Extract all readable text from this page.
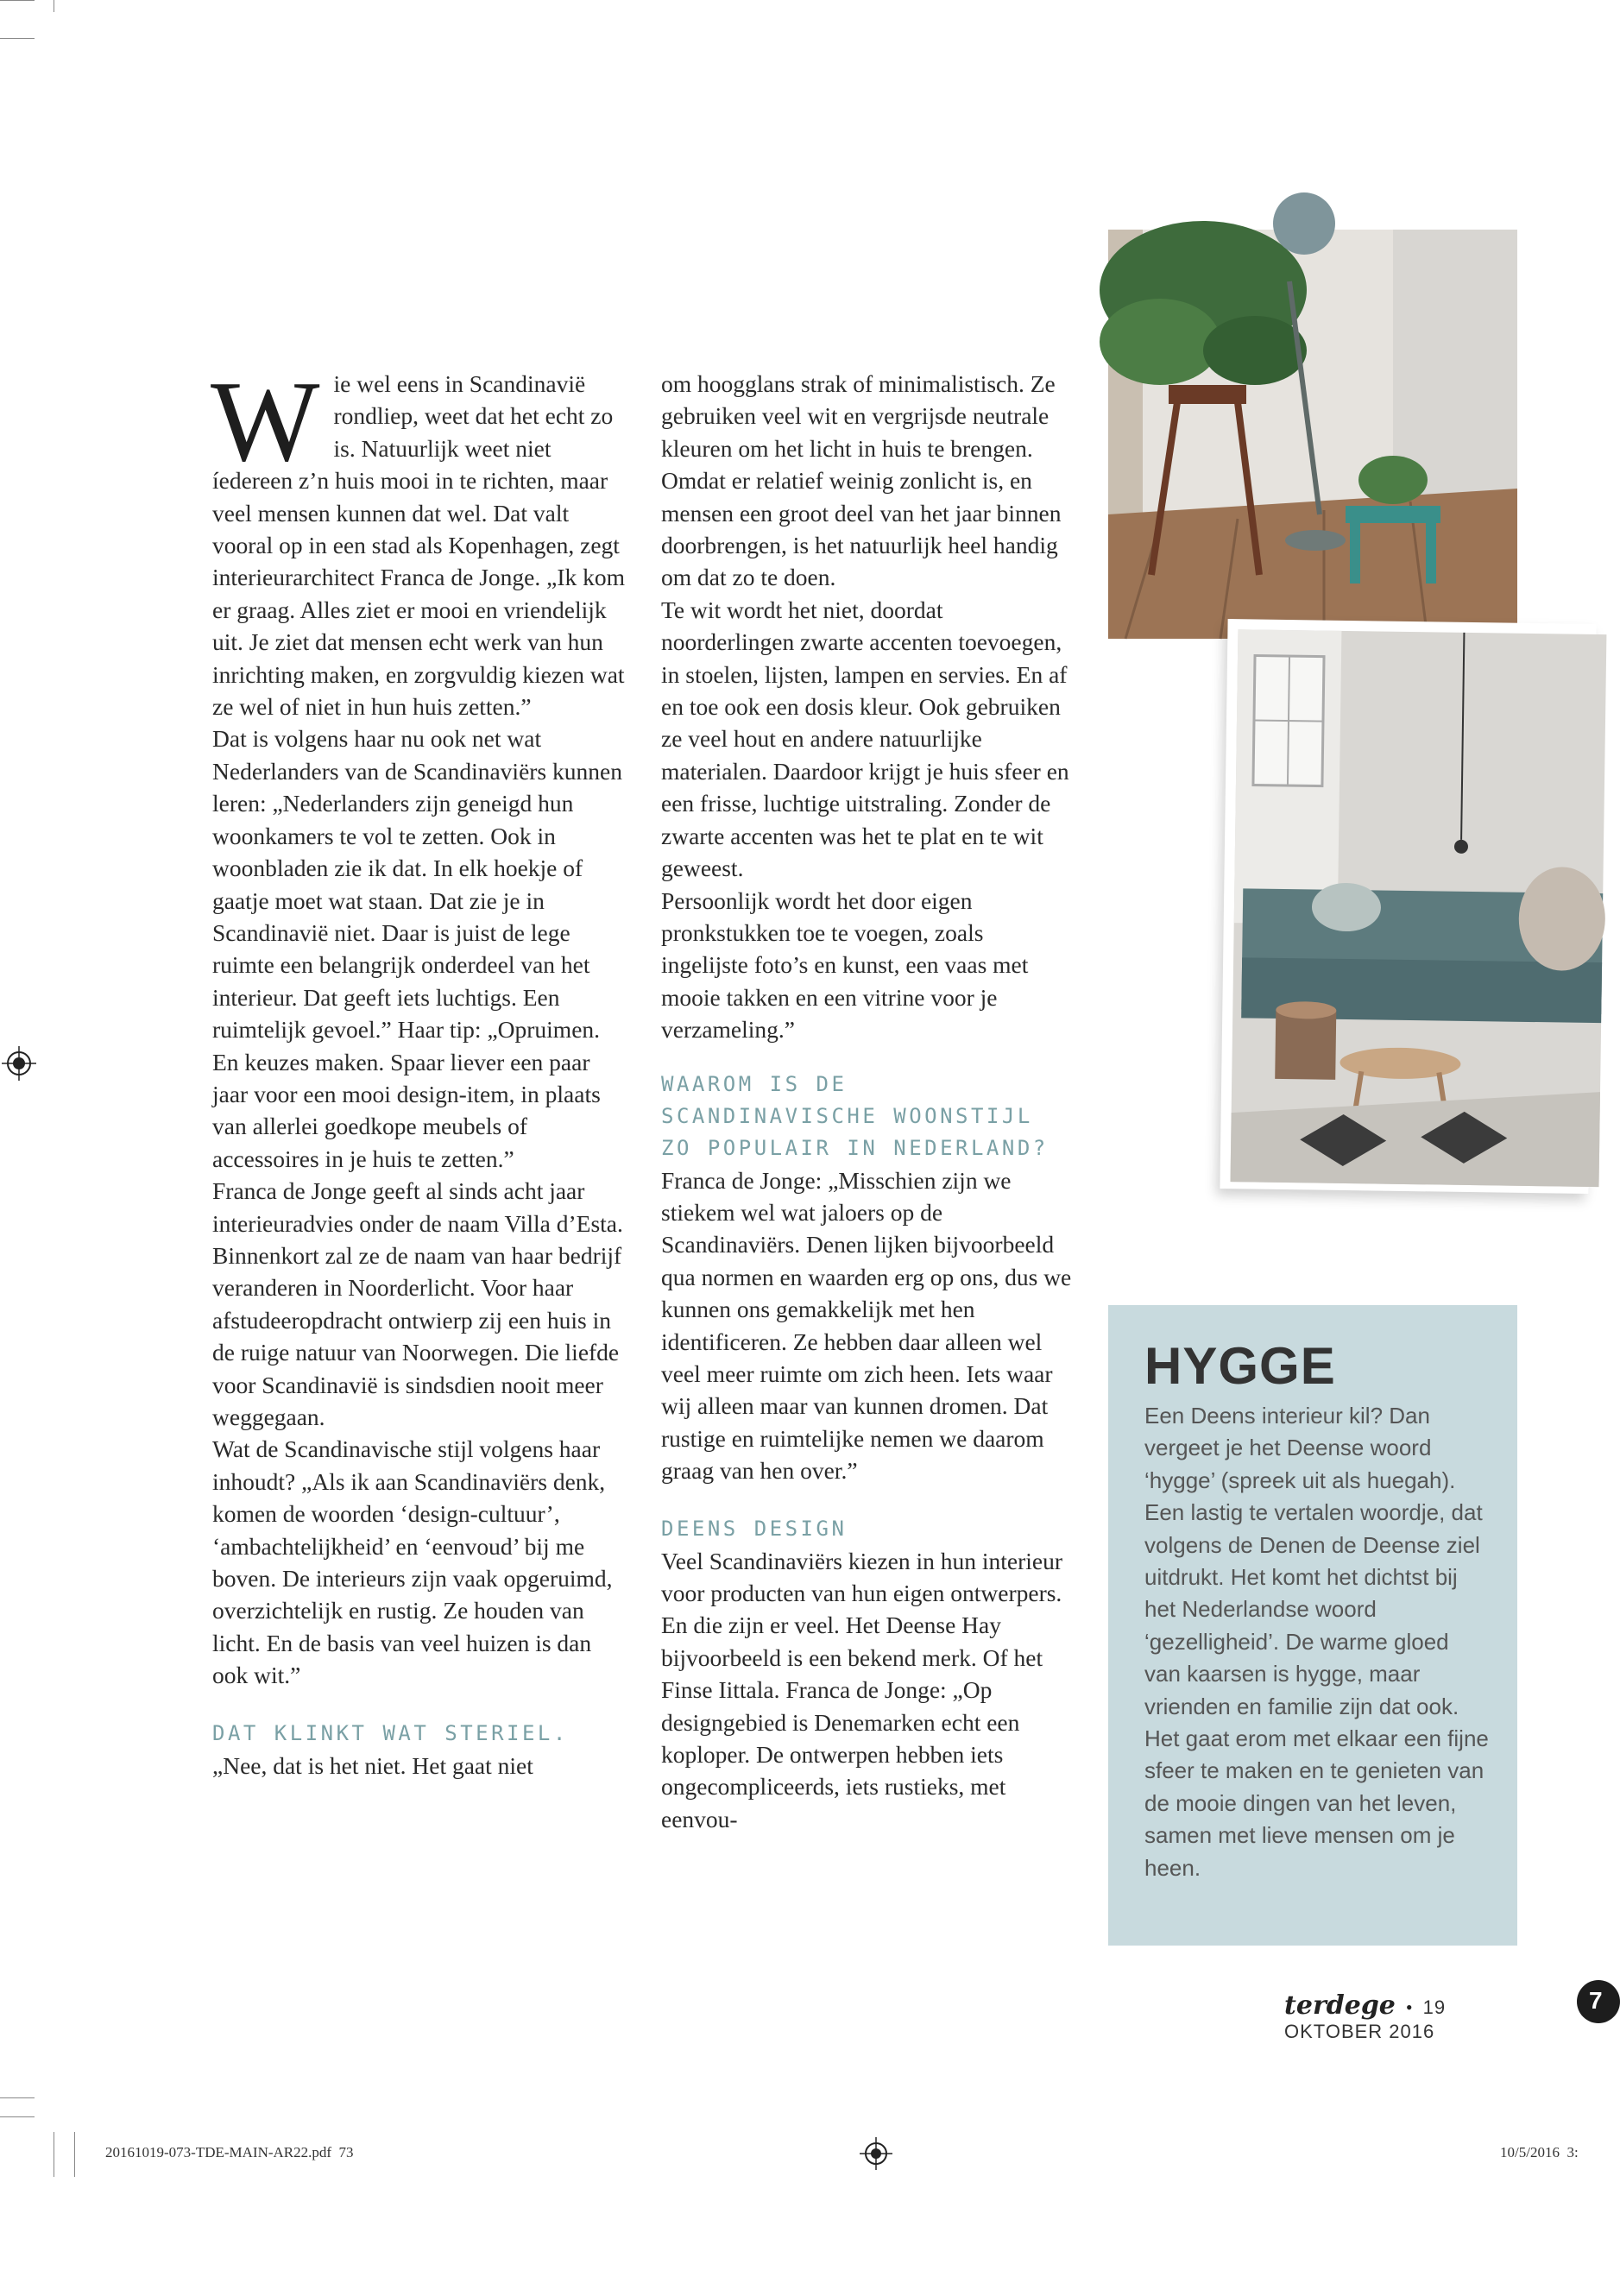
Wie wel eens in Scandinavië rondliep, weet dat het echt zo is. Natuurlijk weet niet íedereen z’n huis mooi in te richten, maar veel mensen kunnen dat wel. Dat valt vooral op in een stad als Kopenhagen, zegt interieurarchitect Franca de Jonge. „Ik kom er graag. Alles ziet er mooi en vriendelijk uit. Je ziet dat mensen echt werk van hun inrichting maken, en zorgvuldig kiezen wat ze wel of niet in hun huis zetten.”

Dat is volgens haar nu ook net wat Nederlanders van de Scandinaviërs kunnen leren: „Nederlanders zijn geneigd hun woonkamers te vol te zetten. Ook in woonbladen zie ik dat. In elk hoekje of gaatje moet wat staan. Dat zie je in Scandinavië niet. Daar is juist de lege ruimte een belangrijk onderdeel van het interieur. Dat geeft iets luchtigs. Een ruimtelijk gevoel.” Haar tip: „Opruimen. En keuzes maken. Spaar liever een paar jaar voor een mooi design-item, in plaats van allerlei goedkope meubels of accessoires in je huis te zetten.”

Franca de Jonge geeft al sinds acht jaar interieuradvies onder de naam Villa d’Esta. Binnenkort zal ze de naam van haar bedrijf veranderen in Noorderlicht. Voor haar afstudeeropdracht ontwierp zij een huis in de ruige natuur van Noorwegen. Die liefde voor Scandinavië is sindsdien nooit meer weggegaan.

Wat de Scandinavische stijl volgens haar inhoudt? „Als ik aan Scandinaviërs denk, komen de woorden ‘design-cultuur’, ‘ambachtelijkheid’ en ‘eenvoud’ bij me boven. De interieurs zijn vaak opgeruimd, overzichtelijk en rustig. Ze houden van licht. En de basis van veel huizen is dan ook wit.”

DAT KLINKT WAT STERIEL.

„Nee, dat is het niet. Het gaat niet

om hoogglans strak of minimalistisch. Ze gebruiken veel wit en vergrijsde neutrale kleuren om het licht in huis te brengen. Omdat er relatief weinig zonlicht is, en mensen een groot deel van het jaar binnen doorbrengen, is het natuurlijk heel handig om dat zo te doen.

Te wit wordt het niet, doordat noorderlingen zwarte accenten toevoegen, in stoelen, lijsten, lampen en servies. En af en toe ook een dosis kleur. Ook gebruiken ze veel hout en andere natuurlijke materialen. Daardoor krijgt je huis sfeer en een frisse, luchtige uitstraling. Zonder de zwarte accenten was het te plat en te wit geweest.

Persoonlijk wordt het door eigen pronkstukken toe te voegen, zoals ingelijste foto’s en kunst, een vaas met mooie takken en een vitrine voor je verzameling.”

WAAROM IS DE SCANDINAVISCHE WOONSTIJL ZO POPULAIR IN NEDERLAND?

Franca de Jonge: „Misschien zijn we stiekem wel wat jaloers op de Scandinaviërs. Denen lijken bijvoorbeeld qua normen en waarden erg op ons, dus we kunnen ons gemakkelijk met hen identificeren. Ze hebben daar alleen wel veel meer ruimte om zich heen. Iets waar wij alleen maar van kunnen dromen. Dat rustige en ruimtelijke nemen we daarom graag van hen over.”

DEENS DESIGN

Veel Scandinaviërs kiezen in hun interieur voor producten van hun eigen ontwerpers. En die zijn er veel. Het Deense Hay bijvoorbeeld is een bekend merk. Of het Finse Iittala. Franca de Jonge: „Op designgebied is Denemarken echt een koploper. De ontwerpen hebben iets ongecompliceerds, iets rustieks, met eenvou-

HYGGE
Een Deens interieur kil? Dan vergeet je het Deense woord ‘hygge’ (spreek uit als huegah). Een lastig te vertalen woordje, dat volgens de Denen de Deense ziel uitdrukt. Het komt het dichtst bij het Nederlandse woord ‘gezelligheid’. De warme gloed van kaarsen is hygge, maar vrienden en familie zijn dat ook. Het gaat erom met elkaar een fijne sfeer te maken en te genieten van de mooie dingen van het leven, samen met lieve mensen om je heen.
terdege • 19 OKTOBER 2016
7
20161019-073-TDE-MAIN-AR22.pdf  73	10/5/2016  3:
